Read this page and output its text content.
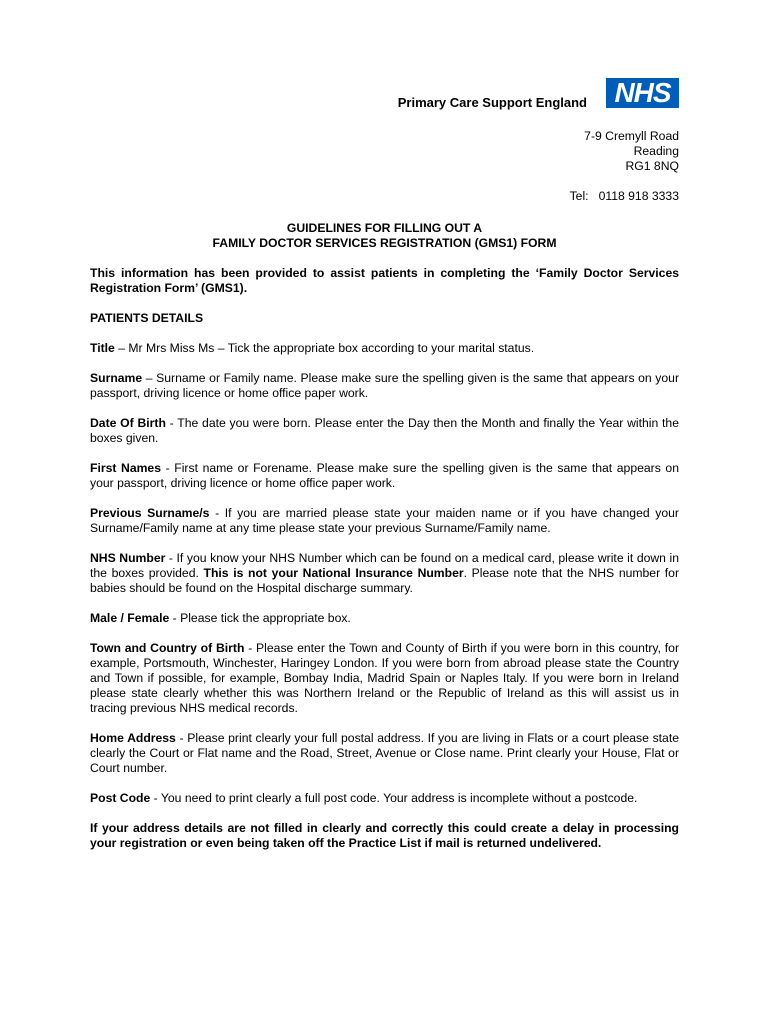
Primary Care Support England NHS
7-9 Cremyll Road
Reading
RG1 8NQ
Tel: 0118 918 3333
GUIDELINES FOR FILLING OUT A
FAMILY DOCTOR SERVICES REGISTRATION (GMS1) FORM

This information has been provided to assist patients in completing the ‘Family Doctor Services Registration Form’ (GMS1).

PATIENTS DETAILS

Title – Mr Mrs Miss Ms – Tick the appropriate box according to your marital status.

Surname – Surname or Family name. Please make sure the spelling given is the same that appears on your passport, driving licence or home office paper work.

Date Of Birth - The date you were born. Please enter the Day then the Month and finally the Year within the boxes given.

First Names - First name or Forename. Please make sure the spelling given is the same that appears on your passport, driving licence or home office paper work.

Previous Surname/s - If you are married please state your maiden name or if you have changed your Surname/Family name at any time please state your previous Surname/Family name.

NHS Number - If you know your NHS Number which can be found on a medical card, please write it down in the boxes provided. This is not your National Insurance Number. Please note that the NHS number for babies should be found on the Hospital discharge summary.

Male / Female - Please tick the appropriate box.

Town and Country of Birth - Please enter the Town and County of Birth if you were born in this country, for example, Portsmouth, Winchester, Haringey London. If you were born from abroad please state the Country and Town if possible, for example, Bombay India, Madrid Spain or Naples Italy. If you were born in Ireland please state clearly whether this was Northern Ireland or the Republic of Ireland as this will assist us in tracing previous NHS medical records.

Home Address - Please print clearly your full postal address. If you are living in Flats or a court please state clearly the Court or Flat name and the Road, Street, Avenue or Close name. Print clearly your House, Flat or Court number.

Post Code - You need to print clearly a full post code. Your address is incomplete without a postcode.

If your address details are not filled in clearly and correctly this could create a delay in processing your registration or even being taken off the Practice List if mail is returned undelivered.
